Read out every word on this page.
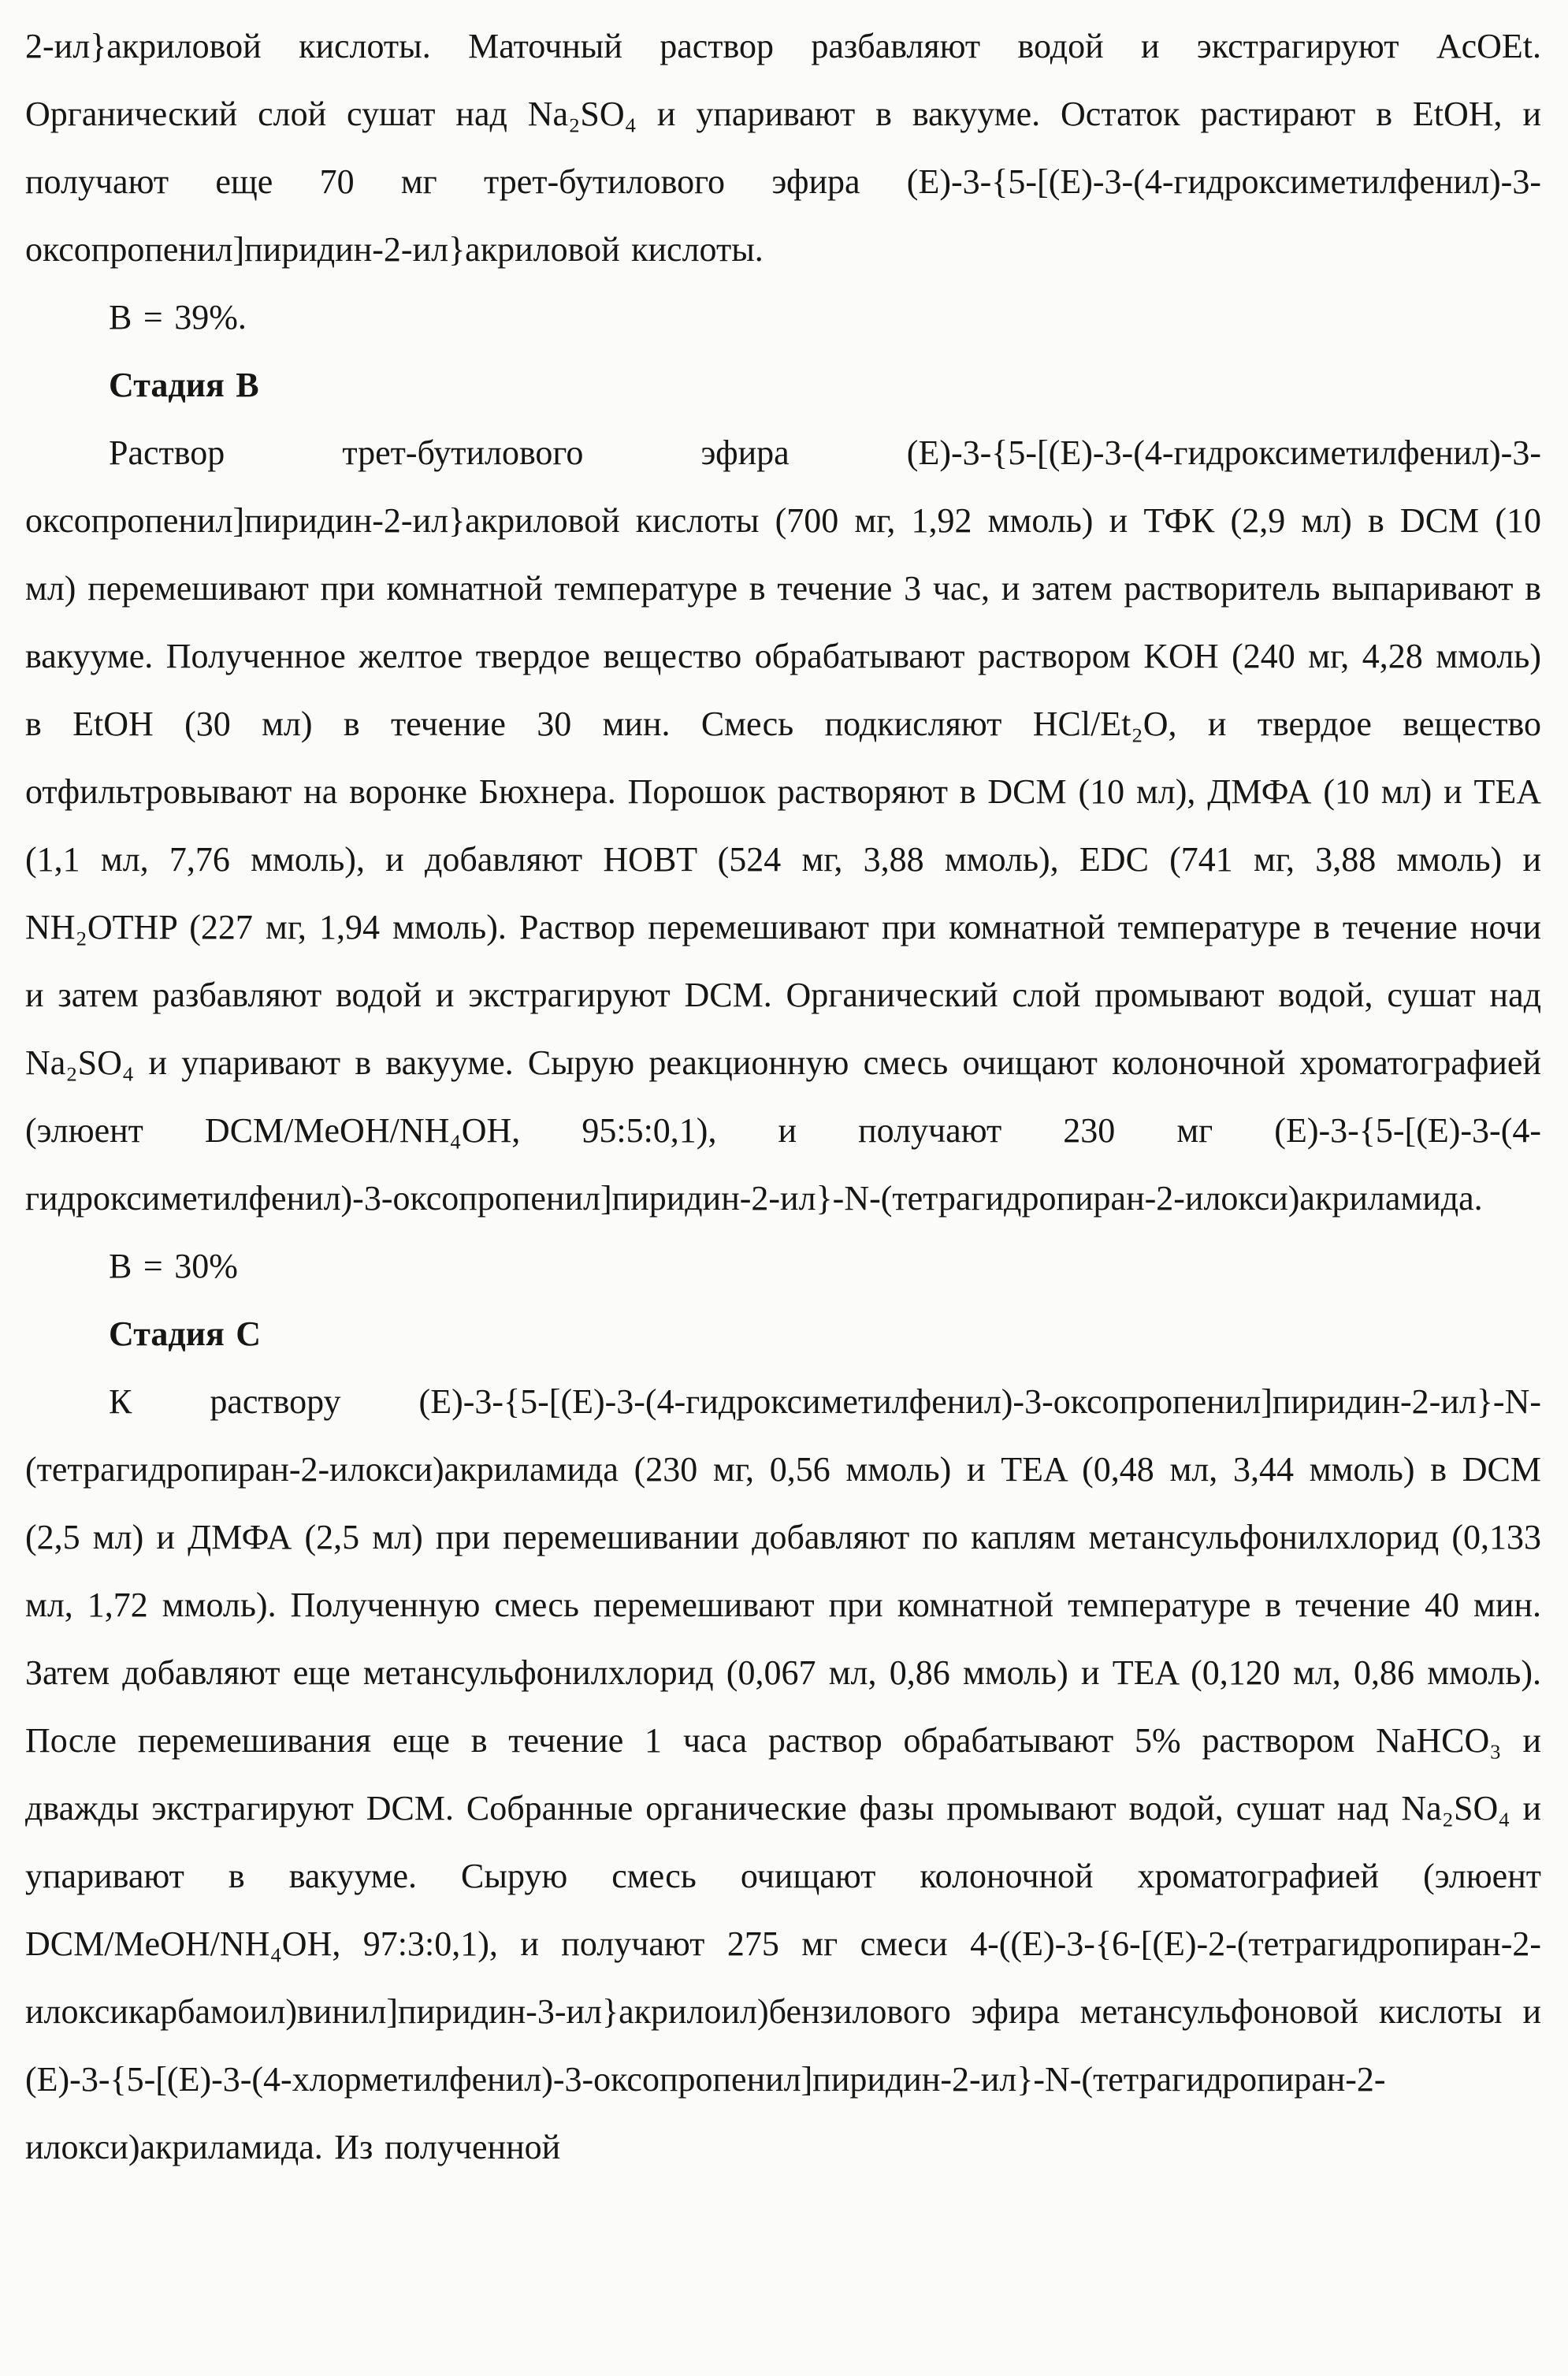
2-ил}акриловой кислоты. Маточный раствор разбавляют водой и экстрагируют AcOEt. Органический слой сушат над Na₂SO₄ и упаривают в вакууме. Остаток растирают в EtOH, и получают еще 70 мг трет-бутилового эфира (E)-3-{5-[(E)-3-(4-гидроксиметилфенил)-3-оксопропенил]пиридин-2-ил}акриловой кислоты.

В = 39%.

Стадия B

Раствор трет-бутилового эфира (E)-3-{5-[(E)-3-(4-гидроксиметилфенил)-3-оксопропенил]пиридин-2-ил}акриловой кислоты (700 мг, 1,92 ммоль) и ТФК (2,9 мл) в DCM (10 мл) перемешивают при комнатной температуре в течение 3 час, и затем растворитель выпаривают в вакууме. Полученное желтое твердое вещество обрабатывают раствором KOH (240 мг, 4,28 ммоль) в EtOH (30 мл) в течение 30 мин. Смесь подкисляют HCl/Et₂O, и твердое вещество отфильтровывают на воронке Бюхнера. Порошок растворяют в DCM (10 мл), ДМФА (10 мл) и TEA (1,1 мл, 7,76 ммоль), и добавляют HOBT (524 мг, 3,88 ммоль), EDC (741 мг, 3,88 ммоль) и NH₂OTHP (227 мг, 1,94 ммоль). Раствор перемешивают при комнатной температуре в течение ночи и затем разбавляют водой и экстрагируют DCM. Органический слой промывают водой, сушат над Na₂SO₄ и упаривают в вакууме. Сырую реакционную смесь очищают колоночной хроматографией (элюент DCM/MeOH/NH₄OH, 95:5:0,1), и получают 230 мг (E)-3-{5-[(E)-3-(4-гидроксиметилфенил)-3-оксопропенил]пиридин-2-ил}-N-(тетрагидропиран-2-илокси)акриламида.

В = 30%

Стадия C

К раствору (E)-3-{5-[(E)-3-(4-гидроксиметилфенил)-3-оксопропенил]пиридин-2-ил}-N-(тетрагидропиран-2-илокси)акриламида (230 мг, 0,56 ммоль) и TEA (0,48 мл, 3,44 ммоль) в DCM (2,5 мл) и ДМФА (2,5 мл) при перемешивании добавляют по каплям метансульфонилхлорид (0,133 мл, 1,72 ммоль). Полученную смесь перемешивают при комнатной температуре в течение 40 мин. Затем добавляют еще метансульфонилхлорид (0,067 мл, 0,86 ммоль) и TEA (0,120 мл, 0,86 ммоль). После перемешивания еще в течение 1 часа раствор обрабатывают 5% раствором NaHCO₃ и дважды экстрагируют DCM. Собранные органические фазы промывают водой, сушат над Na₂SO₄ и упаривают в вакууме. Сырую смесь очищают колоночной хроматографией (элюент DCM/MeOH/NH₄OH, 97:3:0,1), и получают 275 мг смеси 4-((E)-3-{6-[(E)-2-(тетрагидропиран-2-илоксикарбамоил)винил]пиридин-3-ил}акрилоил)бензилового эфира метансульфоновой кислоты и (E)-3-{5-[(E)-3-(4-хлорметилфенил)-3-оксопропенил]пиридин-2-ил}-N-(тетрагидропиран-2-илокси)акриламида. Из полученной
